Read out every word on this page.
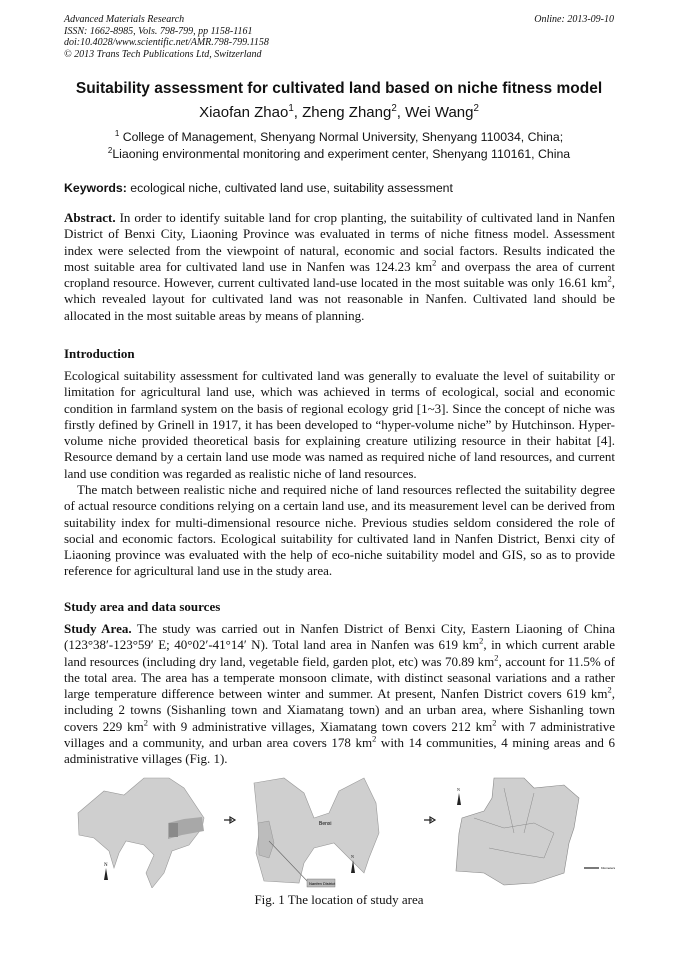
Advanced Materials Research
ISSN: 1662-8985, Vols. 798-799, pp 1158-1161
doi:10.4028/www.scientific.net/AMR.798-799.1158
© 2013 Trans Tech Publications Ltd, Switzerland
Online: 2013-09-10
Suitability assessment for cultivated land based on niche fitness model
Xiaofan Zhao$^1$, Zheng Zhang$^2$, Wei Wang$^2$
$^1$ College of Management, Shenyang Normal University, Shenyang 110034, China;
$^2$Liaoning environmental monitoring and experiment center, Shenyang 110161, China
Keywords: ecological niche, cultivated land use, suitability assessment
Abstract. In order to identify suitable land for crop planting, the suitability of cultivated land in Nanfen District of Benxi City, Liaoning Province was evaluated in terms of niche fitness model. Assessment index were selected from the viewpoint of natural, economic and social factors. Results indicated the most suitable area for cultivated land use in Nanfen was 124.23 $km^2$ and overpass the area of current cropland resource. However, current cultivated land-use located in the most suitable was only 16.61 $km^2$, which revealed layout for cultivated land was not reasonable in Nanfen. Cultivated land should be allocated in the most suitable areas by means of planning.
Introduction
Ecological suitability assessment for cultivated land was generally to evaluate the level of suitability or limitation for agricultural land use, which was achieved in terms of ecological, social and economic condition in farmland system on the basis of regional ecology grid [1~3]. Since the concept of niche was firstly defined by Grinell in 1917, it has been developed to “hyper-volume niche” by Hutchinson. Hyper-volume niche provided theoretical basis for explaining creature utilizing resource in their habitat [4]. Resource demand by a certain land use mode was named as required niche of land resources, and current land use condition was regarded as realistic niche of land resources.
The match between realistic niche and required niche of land resources reflected the suitability degree of actual resource conditions relying on a certain land use, and its measurement level can be derived from suitability index for multi-dimensional resource niche. Previous studies seldom considered the role of social and economic factors. Ecological suitability for cultivated land in Nanfen District, Benxi city of Liaoning province was evaluated with the help of eco-niche suitability model and GIS, so as to provide reference for agricultural land use in the study area.
Study area and data sources
Study Area. The study was carried out in Nanfen District of Benxi City, Eastern Liaoning of China (123°38′-123°59′ E; 40°02′-41°14′ N). Total land area in Nanfen was 619 $km^2$, in which current arable land resources (including dry land, vegetable field, garden plot, etc) was 70.89 $km^2$, account for 11.5% of the total area. The area has a temperate monsoon climate, with distinct seasonal variations and a rather large temperature difference between winter and summer. At present, Nanfen District covers 619 $km^2$, including 2 towns (Sishanling town and Xiamatang town) and an urban area, where Sishanling town covers 229 $km^2$ with 9 administrative villages, Xiamatang town covers 212 $km^2$ with 7 administrative villages and a community, and urban area covers 178 $km^2$ with 14 communities, 4 mining areas and 6 administrative villages (Fig. 1).
N
Nanfen District
Benxi
N
N
Kilometers
Fig. 1 The location of study area
